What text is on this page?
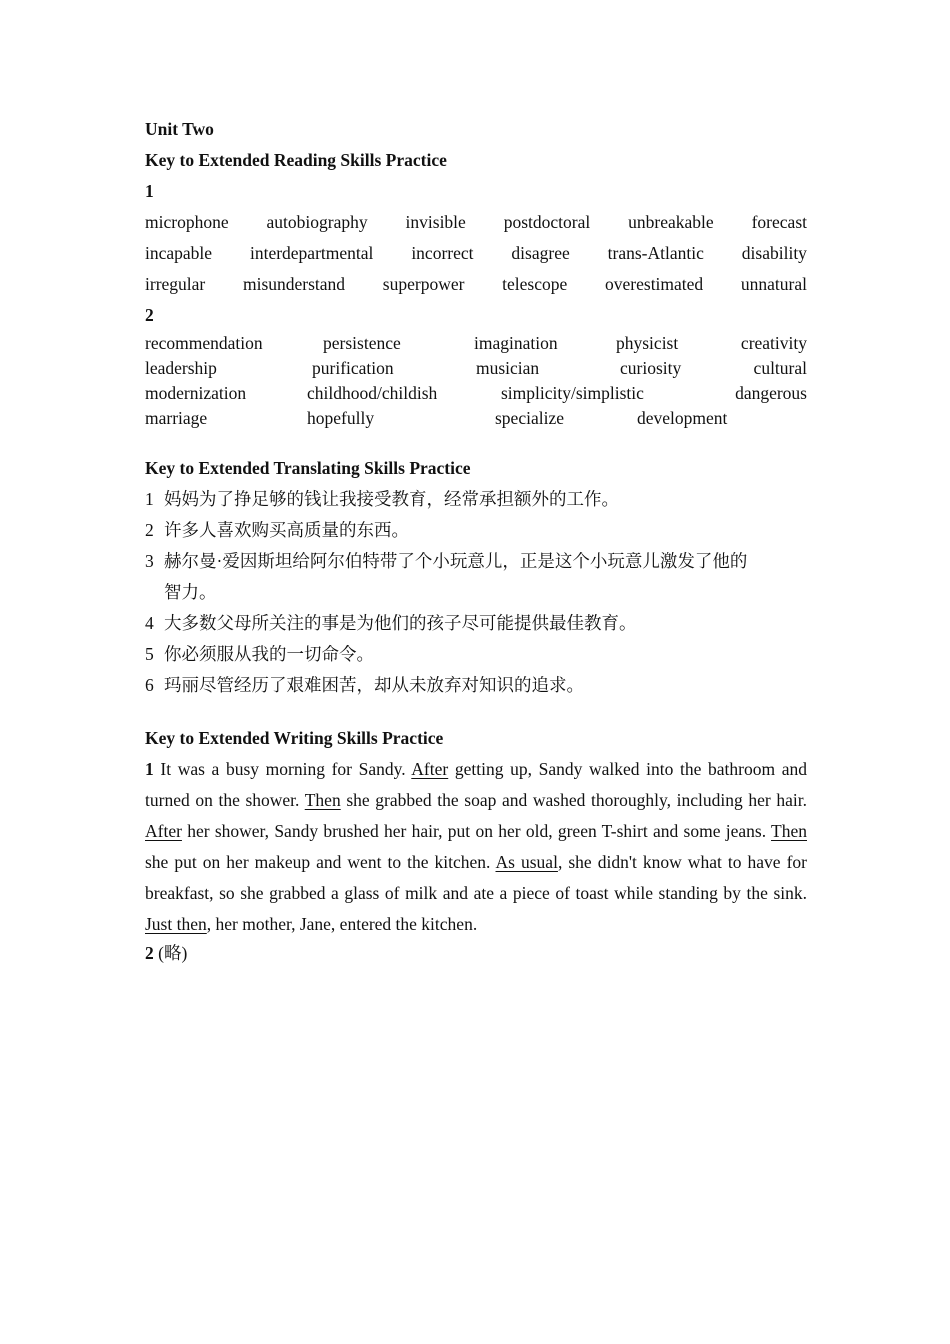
Unit Two
Key to Extended Reading Skills Practice
1
microphone autobiography invisible postdoctoral unbreakable forecast
incapable interdepartmental incorrect disagree trans-Atlantic disability
irregular misunderstand superpower telescope overestimated unnatural
2
recommendation	persistence	imagination	physicist	creativity
leadership	purification	musician	curiosity	cultural
modernization	childhood/childish	simplicity/simplistic	dangerous
marriage	hopefully	specialize	development
Key to Extended Translating Skills Practice
1 妈妈为了挣足够的钱让我接受教育，经常承担额外的工作。
2 许多人喜欢购买高质量的东西。
3 赫尔曼·爱因斯坦给阿尔伯特带了个小玩意儿，正是这个小玩意儿激发了他的
智力。
4 大多数父母所关注的事是为他们的孩子尽可能提供最佳教育。
5 你必须服从我的一切命令。
6 玛丽尽管经历了艰难困苦，却从未放弃对知识的追求。
Key to Extended Writing Skills Practice
1 It was a busy morning for Sandy. After getting up, Sandy walked into the bathroom and turned on the shower. Then she grabbed the soap and washed thoroughly, including her hair. After her shower, Sandy brushed her hair, put on her old, green T-shirt and some jeans. Then she put on her makeup and went to the kitchen. As usual, she didn't know what to have for breakfast, so she grabbed a glass of milk and ate a piece of toast while standing by the sink. Just then, her mother, Jane, entered the kitchen.
2 (略)
